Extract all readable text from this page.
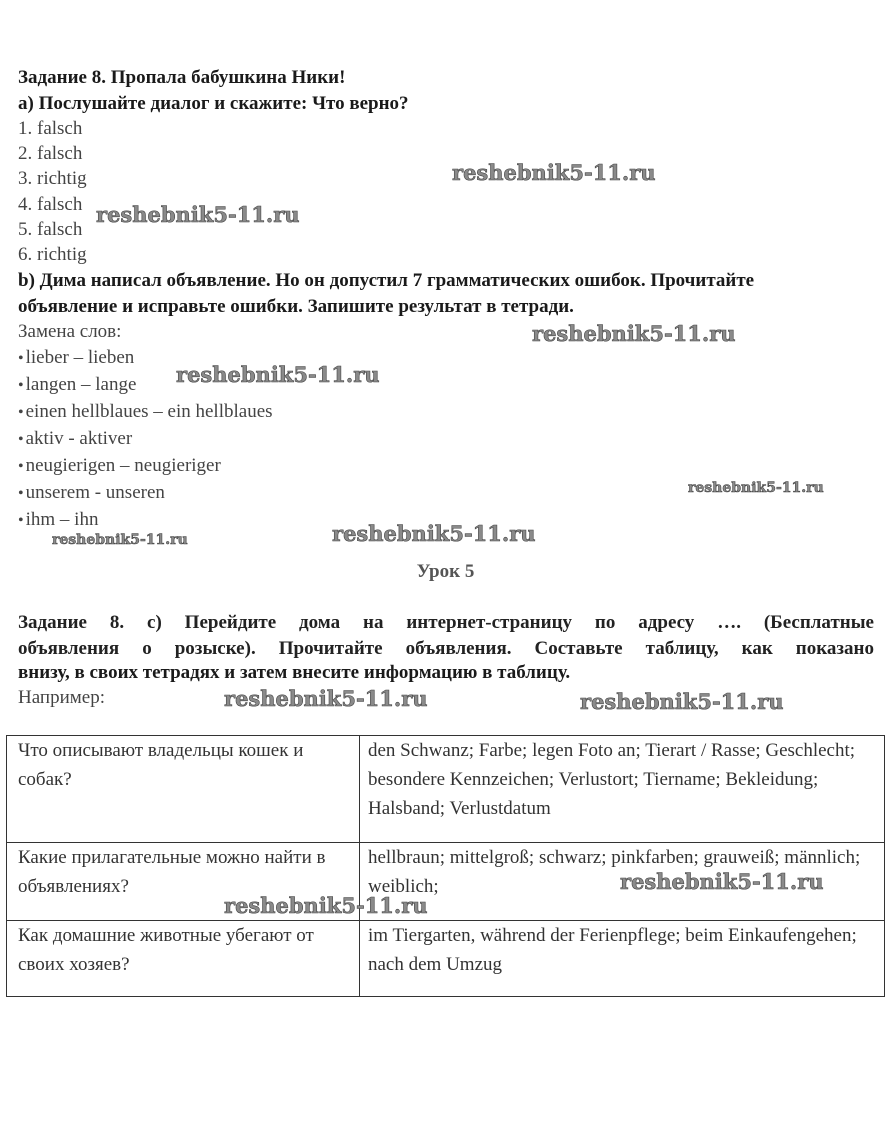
Задание 8. Пропала бабушкина Ники!
а) Послушайте диалог и скажите: Что верно?
1. falsch
2. falsch
3. richtig
4. falsch
5. falsch
6. richtig
b) Дима написал объявление. Но он допустил 7 грамматических ошибок. Прочитайте
объявление и исправьте ошибки. Запишите результат в тетради.
Замена слов:
• lieber – lieben
• langen – lange
• einen hellblaues – ein hellblaues
• aktiv - aktiver
• neugierigen – neugieriger
• unserem - unseren
• ihm – ihn
Урок 5
Задание 8. с) Перейдите дома на интернет-страницу по адресу …. (Бесплатные
объявления о розыске). Прочитайте объявления. Составьте таблицу, как показано
внизу, в своих тетрадях и затем внесите информацию в таблицу.
Например:
Что описывают владельцы кошек и собак?	den Schwanz; Farbe; legen Foto an; Tierart / Rasse; Geschlecht; besondere Kennzeichen; Verlustort; Tiername; Bekleidung; Halsband; Verlustdatum
Какие прилагательные можно найти в объявлениях?	hellbraun; mittelgroß; schwarz; pinkfarben; grauweiß; männlich; weiblich;
Как домашние животные убегают от своих хозяев?	im Tiergarten, während der Ferienpflege; beim Einkaufengehen; nach dem Umzug
reshebnik5-11.ru
reshebnik5-11.ru
reshebnik5-11.ru
reshebnik5-11.ru
reshebnik5-11.ru
reshebnik5-11.ru
reshebnik5-11.ru
reshebnik5-11.ru	reshebnik5-11.ru
reshebnik5-11.ru
reshebnik5-11.ru
